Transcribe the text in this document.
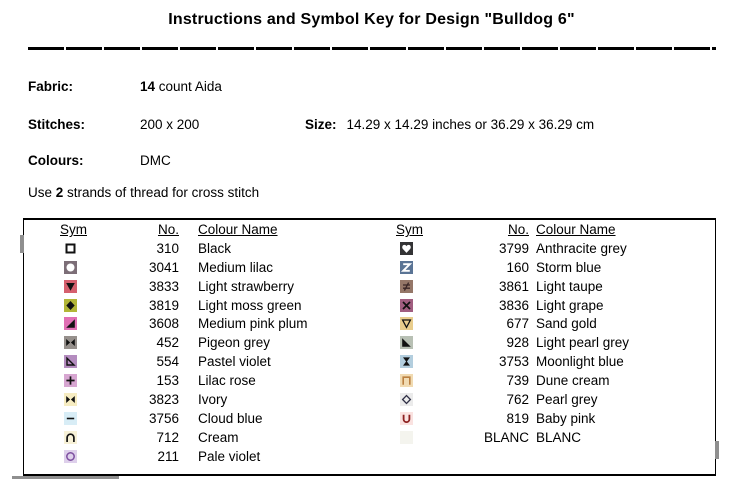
Instructions and Symbol Key for Design "Bulldog 6"
Fabric:	14 count Aida
Stitches:	200 x 200	Size: 14.29 x 14.29 inches or 36.29 x 36.29 cm
Colours:	DMC
Use 2 strands of thread for cross stitch
Sym	No.	Colour Name
310	Black
3041	Medium lilac
3833	Light strawberry
3819	Light moss green
3608	Medium pink plum
452	Pigeon grey
554	Pastel violet
153	Lilac rose
3823	Ivory
3756	Cloud blue
712	Cream
211	Pale violet
Sym	No. Colour Name
3799 Anthracite grey
160 Storm blue
3861 Light taupe
3836 Light grape
677 Sand gold
928 Light pearl grey
3753 Moonlight blue
739 Dune cream
762 Pearl grey
819 Baby pink
BLANC BLANC
